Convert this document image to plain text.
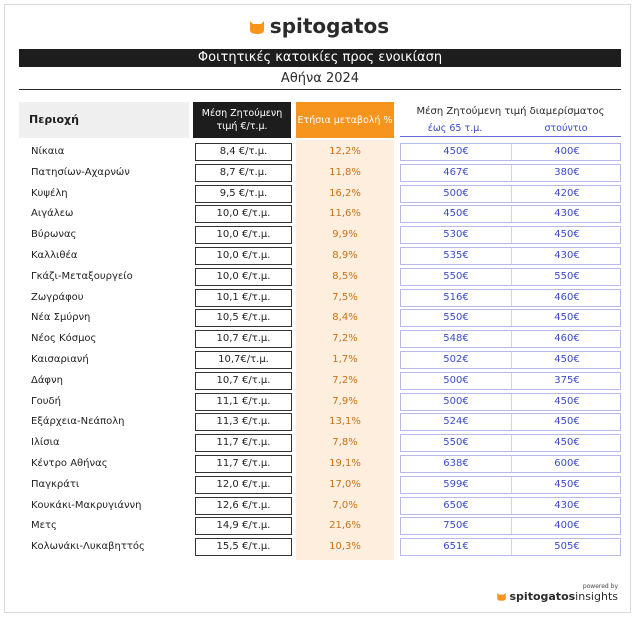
spitogatos
Φοιτητικές κατοικίες προς ενοικίαση
Αθήνα 2024
Περιοχή	Μέση Ζητούμενη
τιμή €/τ.μ.
Ετήσια μεταβολή %
Μέση Ζητούμενη τιμή διαμερίσματος
έως 65 τ.μ.	στούντιο
Νίκαια	8,4 €/τ.μ.	12,2%	450€	400€
Πατησίων-Αχαρνών	8,7 €/τ.μ.	11,8%	467€	380€
Κυψέλη	9,5 €/τ.μ.	16,2%	500€	420€
Αιγάλεω	10,0 €/τ.μ.	11,6%	450€	430€
Βύρωνας	10,0 €/τ.μ.	9,9%	530€	450€
Καλλιθέα	10,0 €/τ.μ.	8,9%	535€	430€
Γκάζι-Μεταξουργείο	10,0 €/τ.μ.	8,5%	550€	550€
Ζωγράφου	10,1 €/τ.μ.	7,5%	516€	460€
Νέα Σμύρνη	10,5 €/τ.μ.	8,4%	550€	450€
Νέος Κόσμος	10,7 €/τ.μ.	7,2%	548€	460€
Καισαριανή	10,7€/τ.μ.	1,7%	502€	450€
Δάφνη	10,7 €/τ.μ.	7,2%	500€	375€
Γουδή	11,1 €/τ.μ.	7,9%	500€	450€
Εξάρχεια-Νεάπολη	11,3 €/τ.μ.	13,1%	524€	450€
Ιλίσια	11,7 €/τ.μ.	7,8%	550€	450€
Κέντρο Αθήνας	11,7 €/τ.μ.	19,1%	638€	600€
Παγκράτι	12,0 €/τ.μ.	17,0%	599€	450€
Κουκάκι-Μακρυγιάννη	12,6 €/τ.μ.	7,0%	650€	430€
Μετς	14,9 €/τ.μ.	21,6%	750€	400€
Κολωνάκι-Λυκαβηττός	15,5 €/τ.μ.	10,3%	651€	505€
powered by
spitogatosinsights
